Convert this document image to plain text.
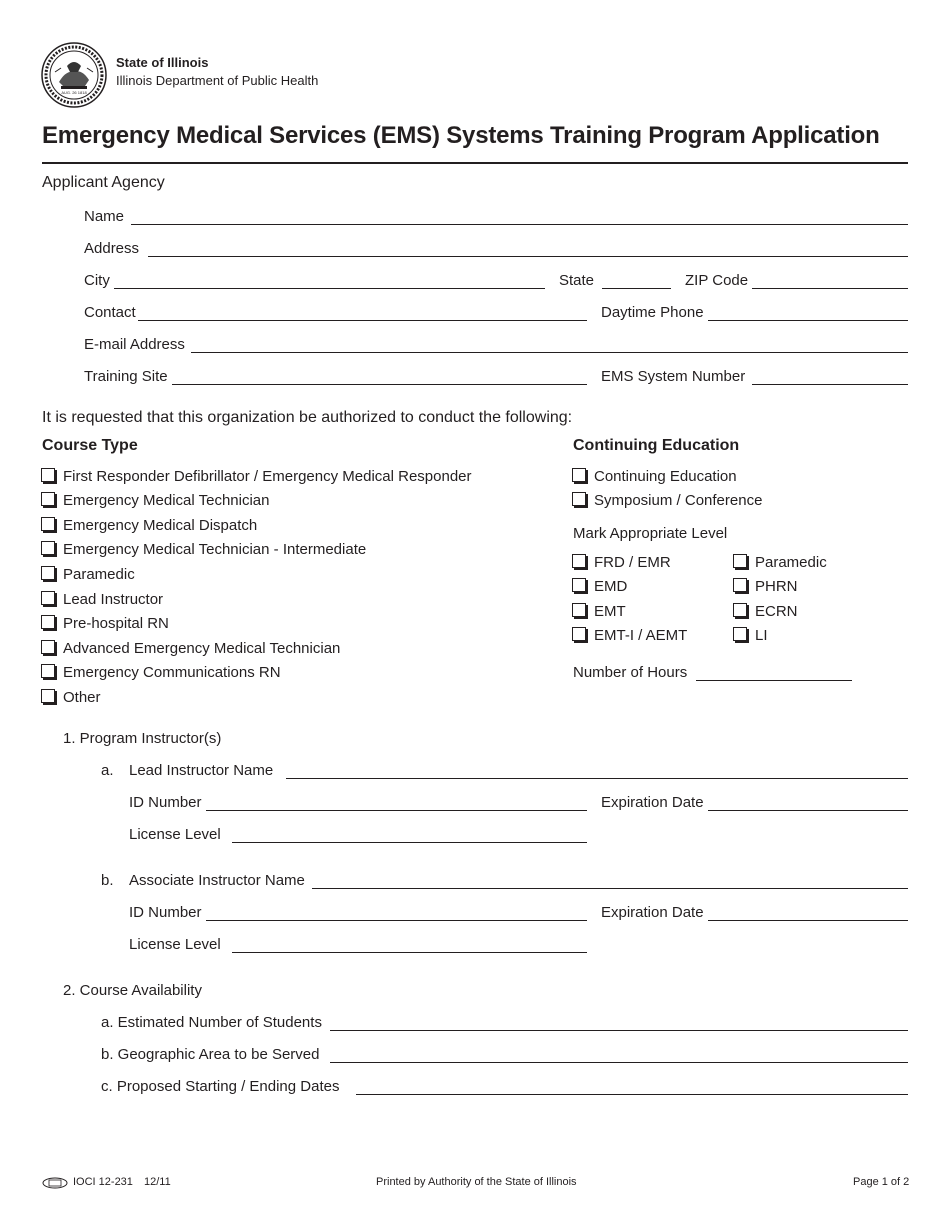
AUG. 26 1818
State of Illinois
Illinois Department of Public Health
Emergency Medical Services (EMS) Systems Training Program Application
Applicant Agency
Name
Address
City	State	ZIP Code
Contact	Daytime Phone
E-mail Address
Training Site	EMS System Number
It is requested that this organization be authorized to conduct the following:
Course Type
First Responder Defibrillator / Emergency Medical Responder
Emergency Medical Technician
Emergency Medical Dispatch
Emergency Medical Technician - Intermediate
Paramedic
Lead Instructor
Pre-hospital RN
Advanced Emergency Medical Technician
Emergency Communications RN
Other
Continuing Education
Continuing Education
Symposium / Conference
Mark Appropriate Level
FRD / EMR
EMD
EMT
EMT-I / AEMT
Paramedic
PHRN
ECRN
LI
Number of Hours
1. Program Instructor(s)
a. Lead Instructor Name
ID Number	Expiration Date
License Level
b. Associate Instructor Name
ID Number	Expiration Date
License Level
2. Course Availability
a. Estimated Number of Students
b. Geographic Area to be Served
c. Proposed Starting / Ending Dates
IOCI 12-231 12/11	Printed by Authority of the State of Illinois	Page 1 of 2
